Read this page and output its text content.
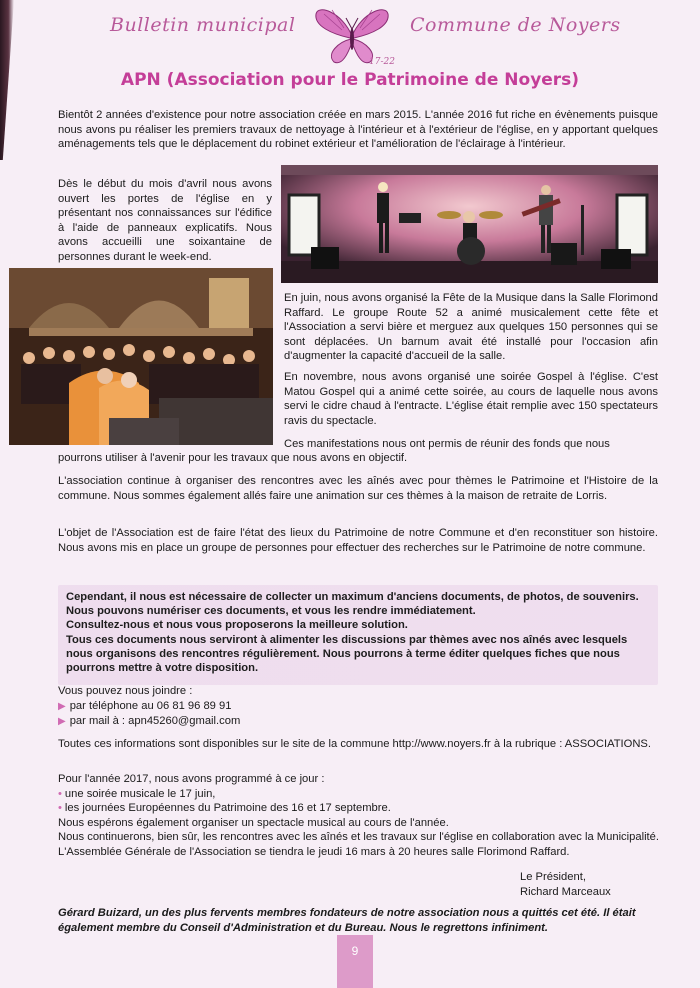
Bulletin municipal
17-22
Commune de Noyers
APN (Association pour le Patrimoine de Noyers)
Bientôt 2 années d'existence pour notre association créée en mars 2015. L'année 2016 fut riche en évènements puisque nous avons pu réaliser les premiers travaux de nettoyage à l'intérieur et à l'extérieur de l'église, en y apportant quelques aménagements tels que le déplacement du robinet extérieur et l'amélioration de l'éclairage à l'intérieur.
Dès le début du mois d'avril nous avons ouvert les portes de l'église en y présentant nos connaissances sur l'édifice à l'aide de panneaux explicatifs. Nous avons accueilli une soixantaine de personnes durant le week-end.
En juin, nous avons organisé la Fête de la Musique dans la Salle Florimond Raffard. Le groupe Route 52 a animé musicalement cette fête et l'Association a servi bière et merguez aux quelques 150 personnes qui se sont déplacées. Un barnum avait été installé pour l'occasion afin d'augmenter la capacité d'accueil de la salle.
En novembre, nous avons organisé une soirée Gospel à l'église. C'est Matou Gospel qui a animé cette soirée, au cours de laquelle nous avons servi le cidre chaud à l'entracte. L'église était remplie avec 150 spectateurs ravis du spectacle.
Ces manifestations nous ont permis de réunir des fonds que nous
pourrons utiliser à l'avenir pour les travaux que nous avons en objectif.
L'association continue à organiser des rencontres avec les aînés avec pour thèmes le Patrimoine et l'Histoire de la commune. Nous sommes également allés faire une animation sur ces thèmes à la maison de retraite de Lorris.
L'objet de l'Association est de faire l'état des lieux du Patrimoine de notre Commune et d'en reconstituer son histoire. Nous avons mis en place un groupe de personnes pour effectuer des recherches sur le Patrimoine de notre commune.
Cependant, il nous est nécessaire de collecter un maximum d'anciens documents, de photos, de souvenirs.
Nous pouvons numériser ces documents, et vous les rendre immédiatement.
Consultez-nous et nous vous proposerons la meilleure solution.
Tous ces documents nous serviront à alimenter les discussions par thèmes avec nos aînés avec lesquels nous organisons des rencontres régulièrement. Nous pourrons à terme éditer quelques fiches que nous pourrons mettre à votre disposition.
Vous pouvez nous joindre :
▶ par téléphone au 06 81 96 89 91
▶ par mail à : apn45260@gmail.com
Toutes ces informations sont disponibles sur le site de la commune http://www.noyers.fr à la rubrique : ASSOCIATIONS.
Pour l'année 2017, nous avons programmé à ce jour :
• une soirée musicale le 17 juin,
• les journées Européennes du Patrimoine des 16 et 17 septembre.
Nous espérons également organiser un spectacle musical au cours de l'année.
Nous continuerons, bien sûr, les rencontres avec les aînés et les travaux sur l'église en collaboration avec la Municipalité.
L'Assemblée Générale de l'Association se tiendra le jeudi 16 mars à 20 heures salle Florimond Raffard.
Le Président,
Richard Marceaux
Gérard Buizard, un des plus fervents membres fondateurs de notre association nous a quittés cet été. Il était également membre du Conseil d'Administration et du Bureau. Nous le regrettons infiniment.
9
